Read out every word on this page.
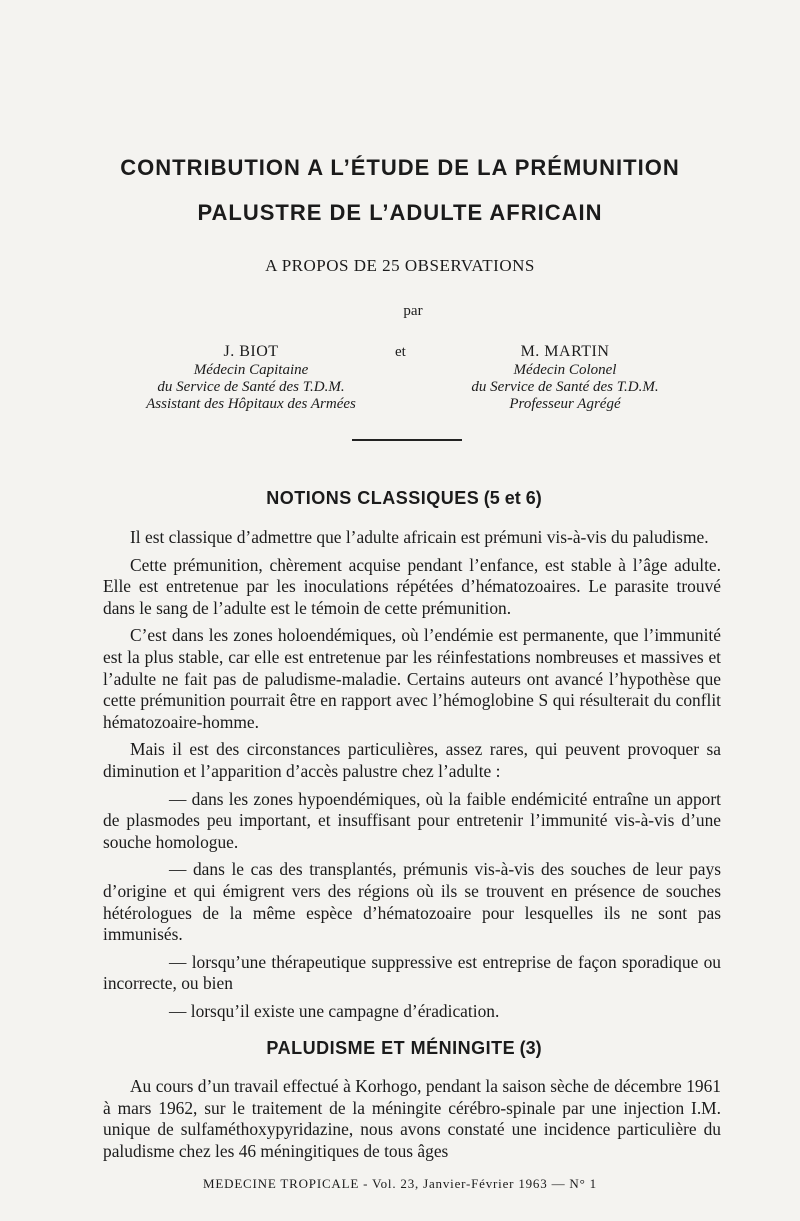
CONTRIBUTION A L’ÉTUDE DE LA PRÉMUNITION
PALUSTRE DE L’ADULTE AFRICAIN
A PROPOS DE 25 OBSERVATIONS
par
J. BIOT
Médecin Capitaine
du Service de Santé des T.D.M.
Assistant des Hôpitaux des Armées
et	M. MARTIN
Médecin Colonel
du Service de Santé des T.D.M.
Professeur Agrégé
NOTIONS CLASSIQUES (5 et 6)

Il est classique d’admettre que l’adulte africain est prémuni vis-à-vis du paludisme.

Cette prémunition, chèrement acquise pendant l’enfance, est stable à l’âge adulte. Elle est entretenue par les inoculations répétées d’hématozoaires. Le parasite trouvé dans le sang de l’adulte est le témoin de cette prémunition.

C’est dans les zones holoendémiques, où l’endémie est permanente, que l’immunité est la plus stable, car elle est entretenue par les réinfestations nombreuses et massives et l’adulte ne fait pas de paludisme-maladie. Certains auteurs ont avancé l’hypothèse que cette prémunition pourrait être en rapport avec l’hémoglobine S qui résulterait du conflit hématozoaire-homme.

Mais il est des circonstances particulières, assez rares, qui peuvent provoquer sa diminution et l’apparition d’accès palustre chez l’adulte :

— dans les zones hypoendémiques, où la faible endémicité entraîne un apport de plasmodes peu important, et insuffisant pour entretenir l’immunité vis-à-vis d’une souche homologue.

— dans le cas des transplantés, prémunis vis-à-vis des souches de leur pays d’origine et qui émigrent vers des régions où ils se trouvent en présence de souches hétérologues de la même espèce d’hématozoaire pour lesquelles ils ne sont pas immunisés.

— lorsqu’une thérapeutique suppressive est entreprise de façon sporadique ou incorrecte, ou bien

— lorsqu’il existe une campagne d’éradication.

PALUDISME ET MÉNINGITE (3)

Au cours d’un travail effectué à Korhogo, pendant la saison sèche de décembre 1961 à mars 1962, sur le traitement de la méningite cérébro-spinale par une injection I.M. unique de sulfaméthoxypyridazine, nous avons constaté une incidence particulière du paludisme chez les 46 méningitiques de tous âges

MEDECINE TROPICALE - Vol. 23, Janvier-Février 1963 — N° 1
